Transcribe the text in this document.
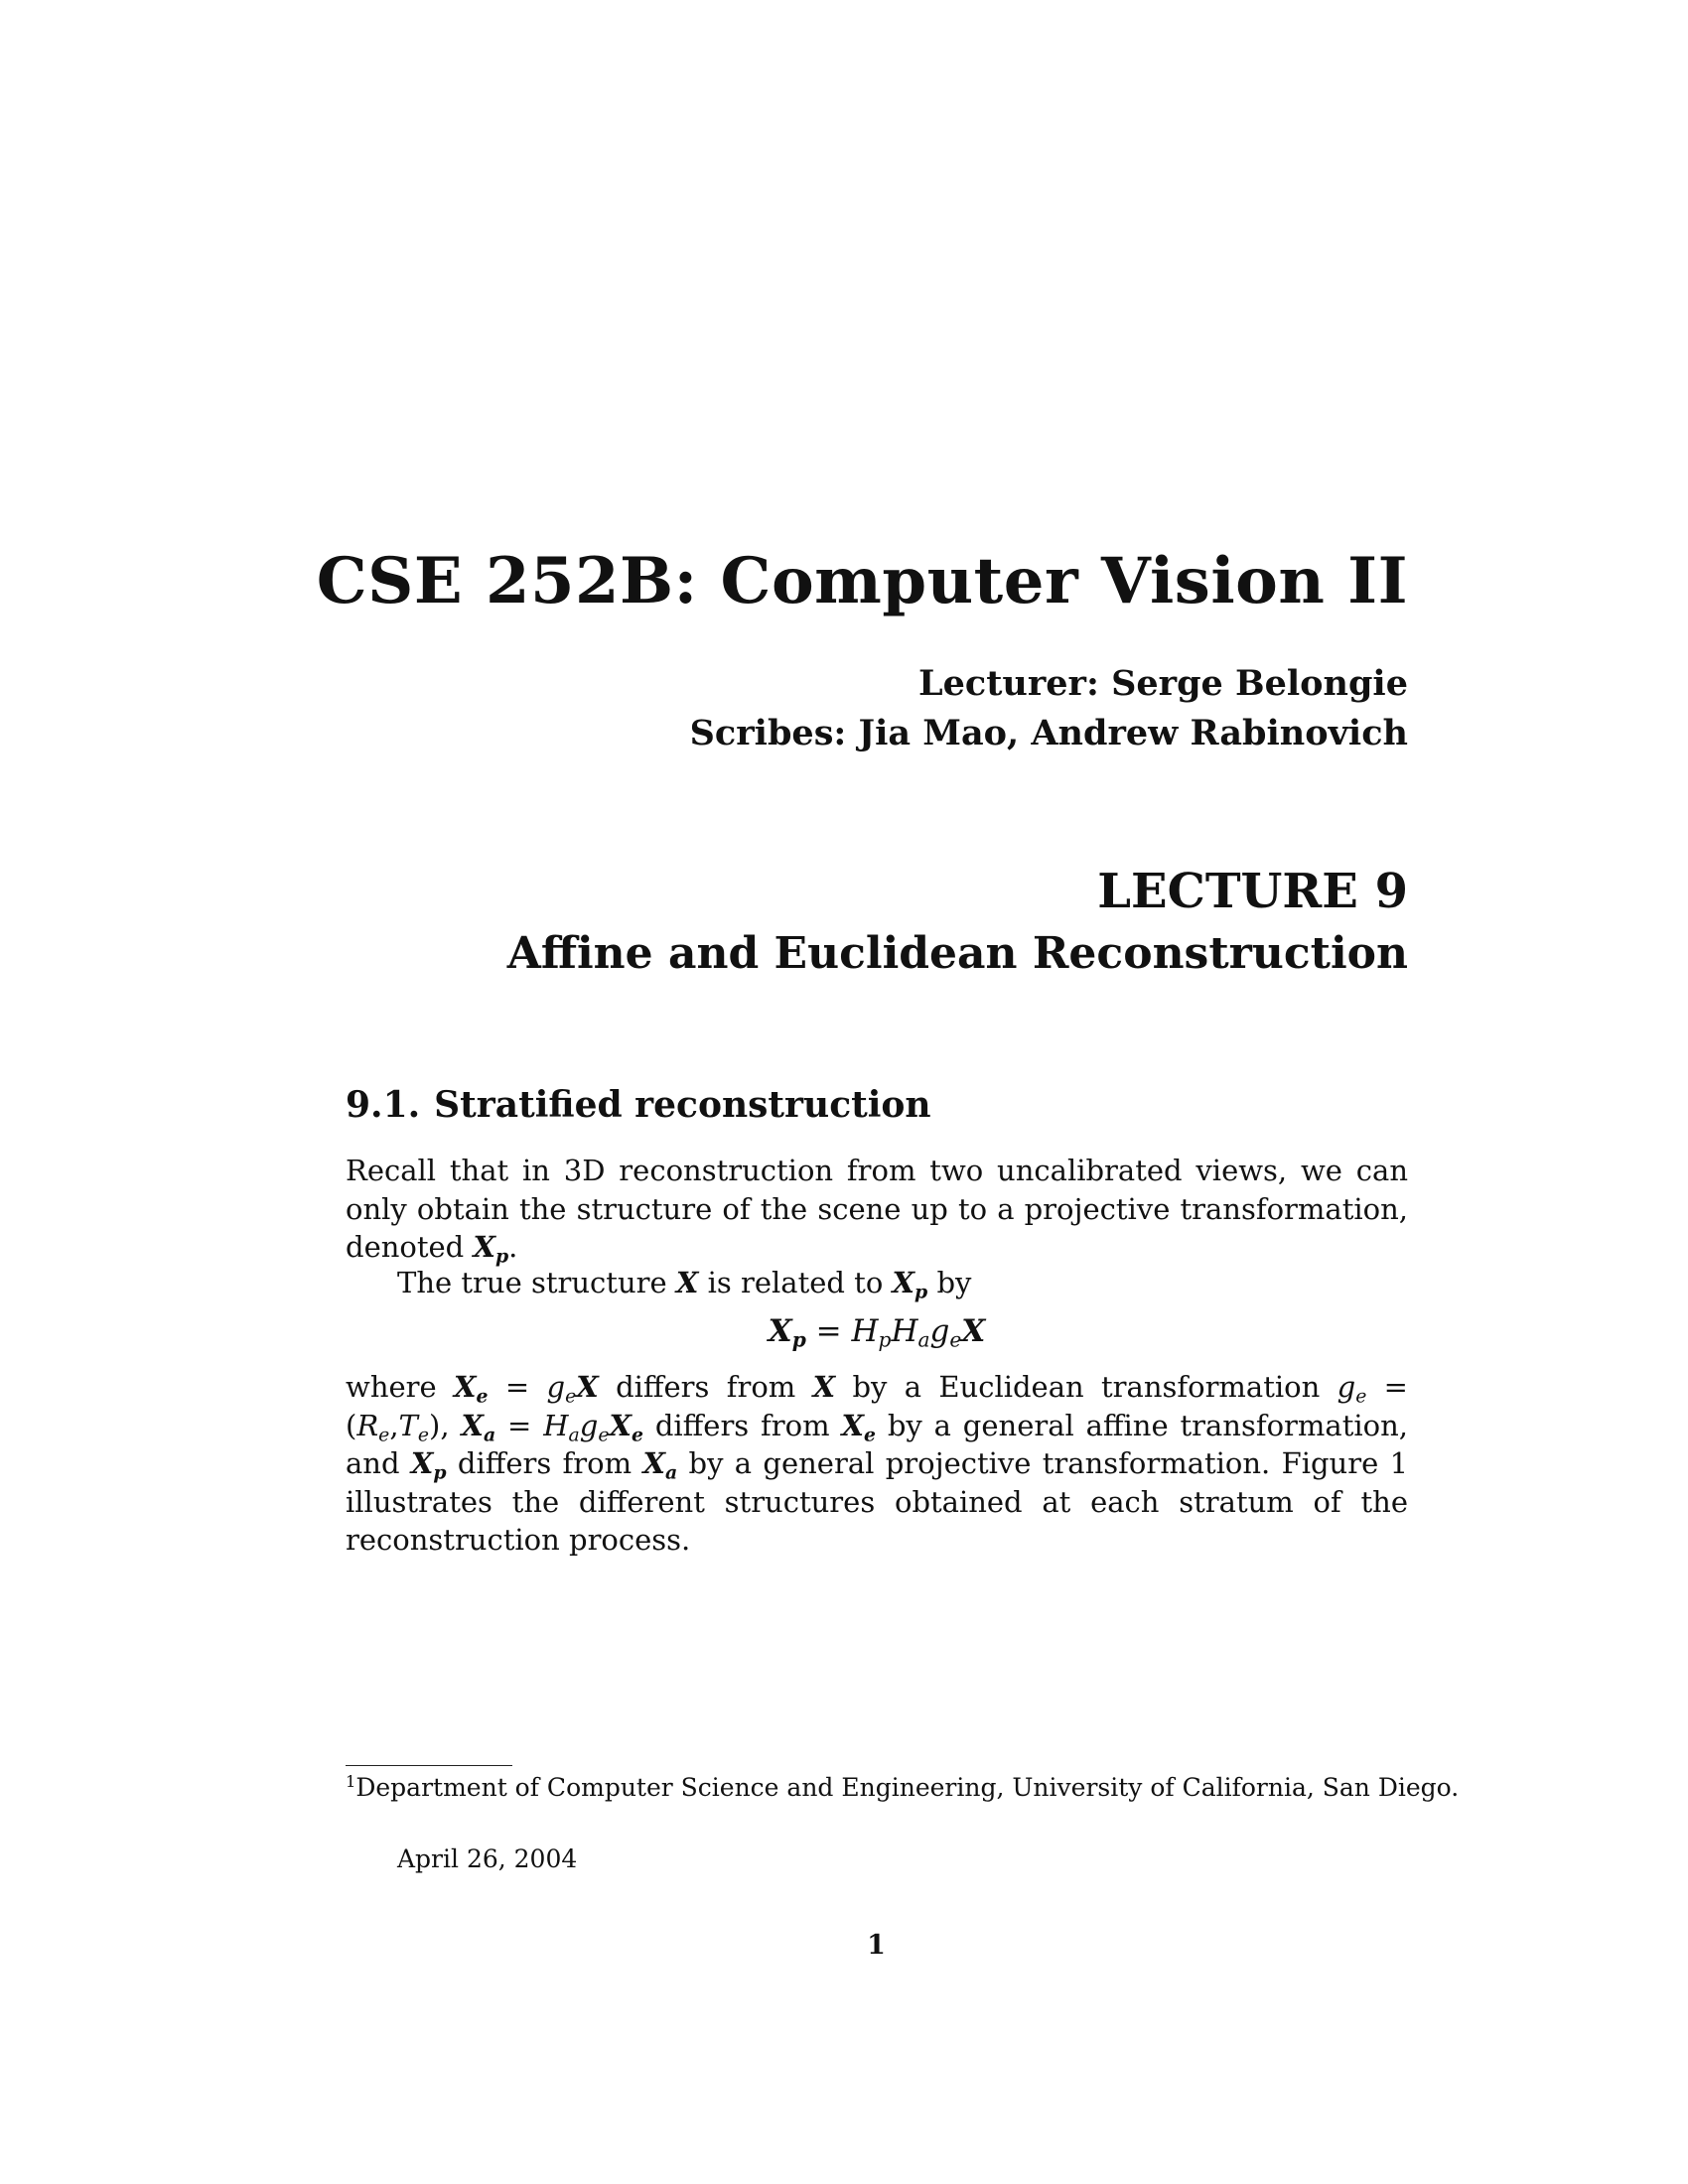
CSE 252B: Computer Vision II
Lecturer: Serge Belongie
Scribes: Jia Mao, Andrew Rabinovich
LECTURE 9
Affine and Euclidean Reconstruction
9.1. Stratified reconstruction
Recall that in 3D reconstruction from two uncalibrated views, we can only obtain the structure of the scene up to a projective transformation, denoted $X_p$.
The true structure X is related to $X_p$ by
$X_p = H_pH_ag_eX$
where $X_e = g_eX$ differs from X by a Euclidean transformation $g_e = (R_e,T_e)$, $X_a = H_ag_eX_e$ differs from $X_e$ by a general affine transformation, and $X_p$ differs from $X_a$ by a general projective transformation. Figure 1 illustrates the different structures obtained at each stratum of the reconstruction process.
$^1$Department of Computer Science and Engineering, University of California, San Diego.
April 26, 2004
1
